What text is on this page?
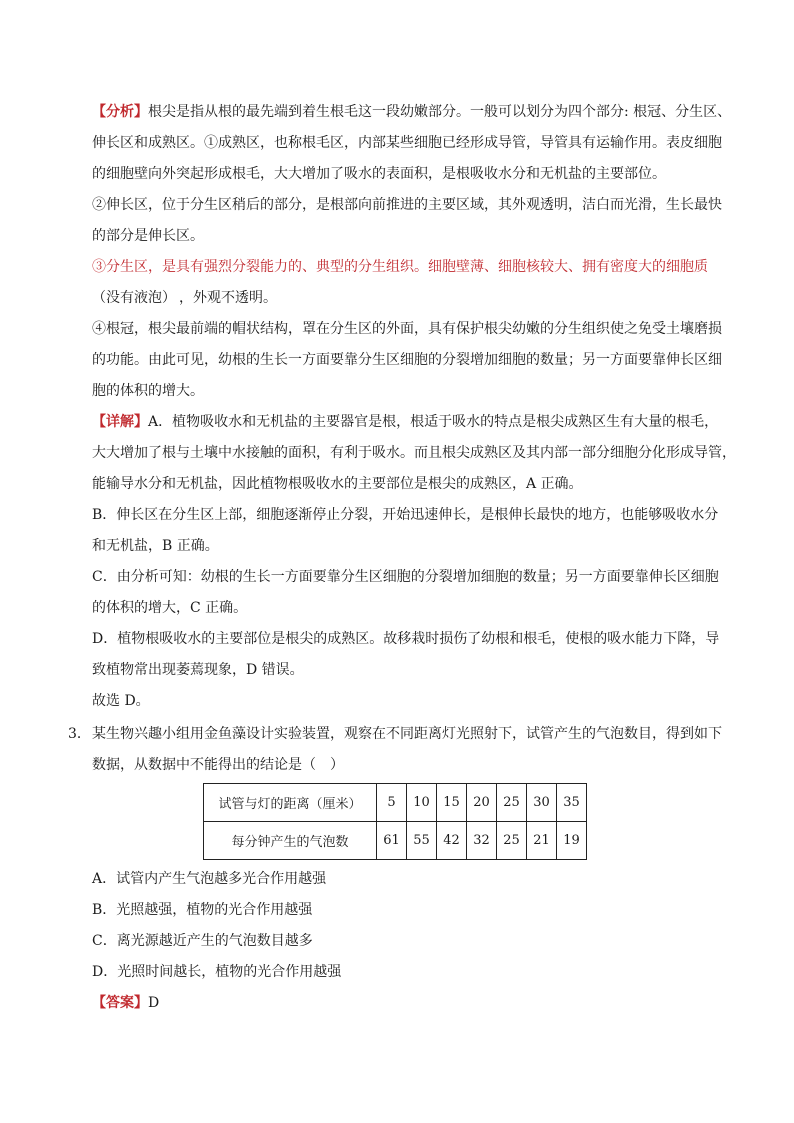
【分析】根尖是指从根的最先端到着生根毛这一段幼嫩部分。一般可以划分为四个部分: 根冠、分生区、
伸长区和成熟区。①成熟区，也称根毛区，内部某些细胞已经形成导管，导管具有运输作用。表皮细胞
的细胞壁向外突起形成根毛，大大增加了吸水的表面积，是根吸收水分和无机盐的主要部位。
②伸长区，位于分生区稍后的部分，是根部向前推进的主要区域，其外观透明，洁白而光滑，生长最快
的部分是伸长区。
③分生区，是具有强烈分裂能力的、典型的分生组织。细胞壁薄、细胞核较大、拥有密度大的细胞质
（没有液泡） ，外观不透明。
④根冠，根尖最前端的帽状结构，罩在分生区的外面，具有保护根尖幼嫩的分生组织使之免受土壤磨损
的功能。由此可见，幼根的生长一方面要靠分生区细胞的分裂增加细胞的数量；另一方面要靠伸长区细
胞的体积的增大。
【详解】A．植物吸收水和无机盐的主要器官是根，根适于吸水的特点是根尖成熟区生有大量的根毛，
大大增加了根与土壤中水接触的面积，有利于吸水。而且根尖成熟区及其内部一部分细胞分化形成导管，
能输导水分和无机盐，因此植物根吸收水的主要部位是根尖的成熟区，A 正确。
B．伸长区在分生区上部，细胞逐渐停止分裂，开始迅速伸长，是根伸长最快的地方，也能够吸收水分
和无机盐，B 正确。
C．由分析可知：幼根的生长一方面要靠分生区细胞的分裂增加细胞的数量；另一方面要靠伸长区细胞
的体积的增大，C 正确。
D．植物根吸收水的主要部位是根尖的成熟区。故移栽时损伤了幼根和根毛，使根的吸水能力下降，导
致植物常出现萎蔫现象，D 错误。
故选 D。
3． 某生物兴趣小组用金鱼藻设计实验装置，观察在不同距离灯光照射下，试管产生的气泡数目，得到如下
数据，从数据中不能得出的结论是（　）
试管与灯的距离（厘米）	5	10	15	20	25	30	35
每分钟产生的气泡数	61	55	42	32	25	21	19
A．试管内产生气泡越多光合作用越强
B．光照越强，植物的光合作用越强
C．离光源越近产生的气泡数目越多
D．光照时间越长，植物的光合作用越强
【答案】D
